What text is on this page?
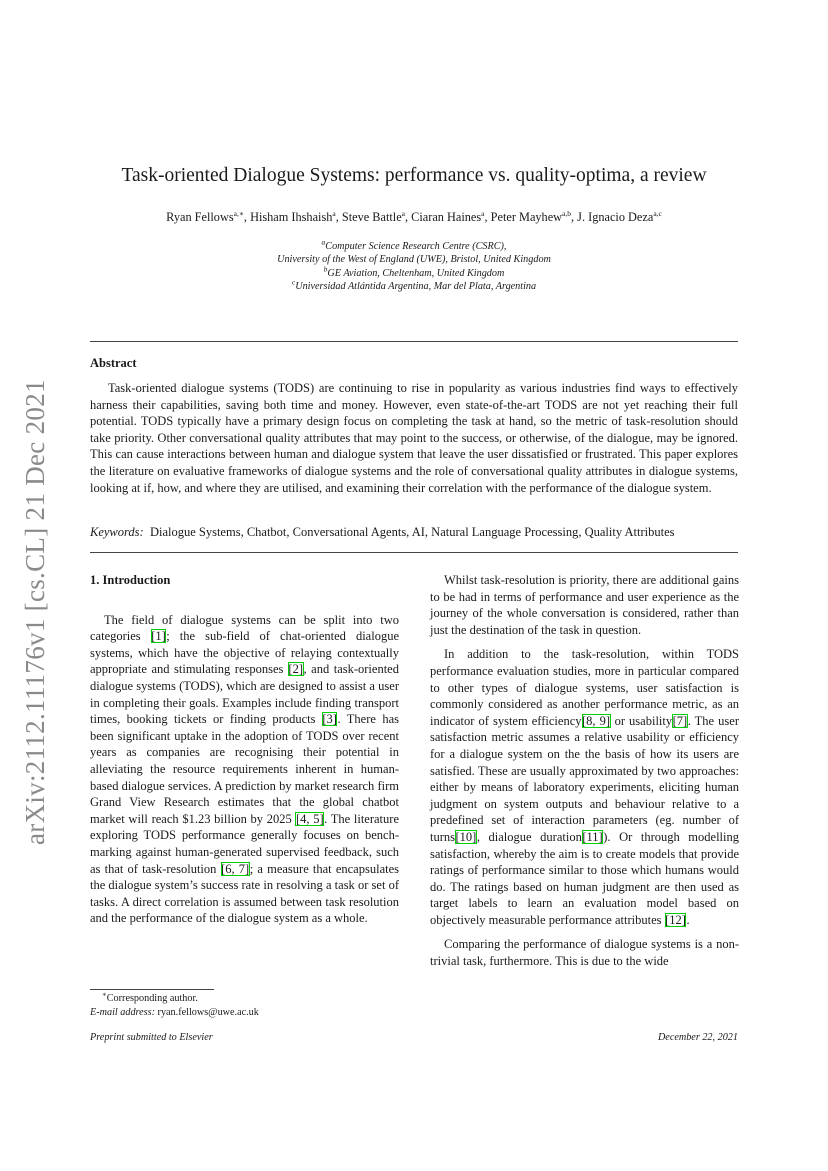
arXiv:2112.11176v1 [cs.CL] 21 Dec 2021
Task-oriented Dialogue Systems: performance vs. quality-optima, a review
Ryan Fellows$^{a,∗}$, Hisham Ihshaish$^a$, Steve Battle$^a$, Ciaran Haines$^a$, Peter Mayhew$^{a,b}$, J. Ignacio Deza$^{a,c}$
$^a$Computer Science Research Centre (CSRC),
University of the West of England (UWE), Bristol, United Kingdom
$^b$GE Aviation, Cheltenham, United Kingdom
$^c$Universidad Atlántida Argentina, Mar del Plata, Argentina
Abstract

Task-oriented dialogue systems (TODS) are continuing to rise in popularity as various industries find ways to effectively harness their capabilities, saving both time and money. However, even state-of-the-art TODS are not yet reaching their full potential. TODS typically have a primary design focus on completing the task at hand, so the metric of task-resolution should take priority. Other conversational quality attributes that may point to the success, or otherwise, of the dialogue, may be ignored. This can cause interactions between human and dialogue system that leave the user dissatisfied or frustrated. This paper explores the literature on evaluative frameworks of dialogue systems and the role of conversational quality attributes in dialogue systems, looking at if, how, and where they are utilised, and examining their correlation with the performance of the dialogue system.

Keywords: Dialogue Systems, Chatbot, Conversational Agents, AI, Natural Language Processing, Quality Attributes
1. Introduction

The field of dialogue systems can be split into two categories [1]; the sub-field of chat-oriented dialogue systems, which have the objective of relaying contextually appropriate and stimulating responses [2], and task-oriented dialogue systems (TODS), which are designed to assist a user in completing their goals. Examples include finding transport times, booking tickets or finding products [3]. There has been significant uptake in the adoption of TODS over recent years as companies are recognising their potential in alleviating the resource requirements inherent in human-based dialogue services. A prediction by market research firm Grand View Research estimates that the global chatbot market will reach $1.23 billion by 2025 [4, 5]. The literature exploring TODS performance generally focuses on bench-marking against human-generated supervised feedback, such as that of task-resolution [6, 7]; a measure that encapsulates the dialogue system’s success rate in resolving a task or set of tasks. A direct correlation is assumed between task resolution and the performance of the dialogue system as a whole.

Whilst task-resolution is priority, there are additional gains to be had in terms of performance and user experience as the journey of the whole conversation is considered, rather than just the destination of the task in question.

In addition to the task-resolution, within TODS performance evaluation studies, more in particular compared to other types of dialogue systems, user satisfaction is commonly considered as another performance metric, as an indicator of system efficiency[8, 9] or usability[7]. The user satisfaction metric assumes a relative usability or efficiency for a dialogue system on the the basis of how its users are satisfied. These are usually approximated by two approaches: either by means of laboratory experiments, eliciting human judgment on system outputs and behaviour relative to a predefined set of interaction parameters (eg. number of turns[10], dialogue duration[11]). Or through modelling satisfaction, whereby the aim is to create models that provide ratings of performance similar to those which humans would do. The ratings based on human judgment are then used as target labels to learn an evaluation model based on objectively measurable performance attributes [12].

Comparing the performance of dialogue systems is a non-trivial task, furthermore. This is due to the wide

∗Corresponding author.
E-mail address: ryan.fellows@uwe.ac.uk
Preprint submitted to Elsevier	December 22, 2021
